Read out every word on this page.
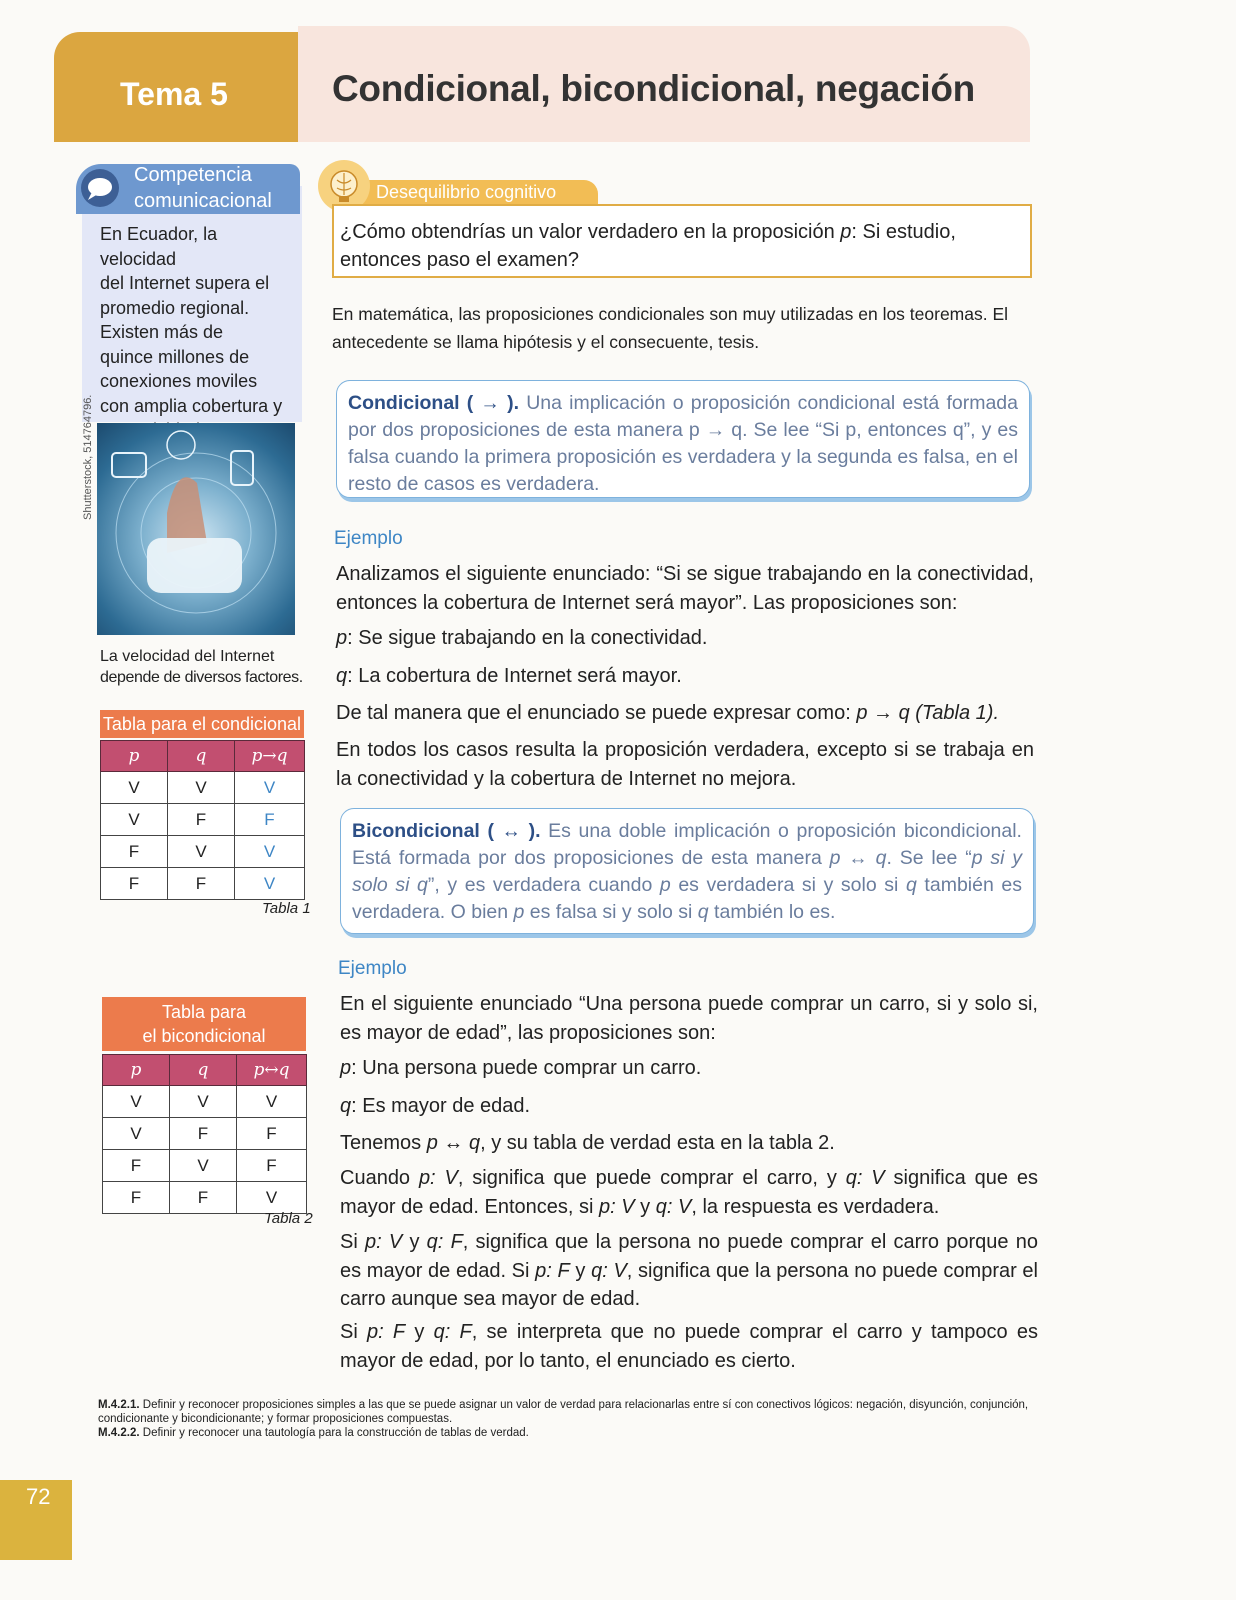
Tema 5	Condicional, bicondicional, negación
Competencia
comunicacional
En Ecuador, la velocidad
del Internet supera el
promedio regional.
Existen más de
quince millones de
conexiones moviles
con amplia cobertura y
Shutterstock, 514764796.
La velocidad del Internet
depende de diversos factores.
Tabla para el condicional
p	q	p→q
V	V	V
V	F	F
F	V	V
F	F	V
Tabla 1
Tabla para
el bicondicional
p	q	p↔q
V	V	V
V	F	F
F	V	F
F	F	V
Tabla 2
Desequilibrio cognitivo
¿Cómo obtendrías un valor verdadero en la proposición p: Si estudio, entonces paso el examen?
En matemática, las proposiciones condicionales son muy utilizadas en los teoremas. El antecedente se llama hipótesis y el consecuente, tesis.
Condicional ( → ). Una implicación o proposición condicional está formada por dos proposiciones de esta manera p → q. Se lee “Si p, entonces q”, y es falsa cuando la primera proposición es verdadera y la segunda es falsa, en el resto de casos es verdadera.
Ejemplo
Analizamos el siguiente enunciado: “Si se sigue trabajando en la conectividad, entonces la cobertura de Internet será mayor”. Las proposiciones son:
p: Se sigue trabajando en la conectividad.
q: La cobertura de Internet será mayor.
De tal manera que el enunciado se puede expresar como: p → q (Tabla 1).
En todos los casos resulta la proposición verdadera, excepto si se trabaja en la conectividad y la cobertura de Internet no mejora.
Bicondicional ( ↔ ). Es una doble implicación o proposición bicondicional. Está formada por dos proposiciones de esta manera p ↔ q. Se lee “p si y solo si q”, y es verdadera cuando p es verdadera si y solo si q también es verdadera. O bien p es falsa si y solo si q también lo es.
Ejemplo
En el siguiente enunciado “Una persona puede comprar un carro, si y solo si, es mayor de edad”, las proposiciones son:
p: Una persona puede comprar un carro.
q: Es mayor de edad.
Tenemos p ↔ q, y su tabla de verdad esta en la tabla 2.
Cuando p: V, significa que puede comprar el carro, y q: V significa que es mayor de edad. Entonces, si p: V y q: V, la respuesta es verdadera.
Si p: V y q: F, significa que la persona no puede comprar el carro porque no es mayor de edad. Si p: F y q: V, significa que la persona no puede comprar el carro aunque sea mayor de edad.
Si p: F y q: F, se interpreta que no puede comprar el carro y tampoco es mayor de edad, por lo tanto, el enunciado es cierto.
M.4.2.1. Definir y reconocer proposiciones simples a las que se puede asignar un valor de verdad para relacionarlas entre sí con conectivos lógicos: negación, disyunción, conjunción, condicionante y bicondicionante; y formar proposiciones compuestas.
M.4.2.2. Definir y reconocer una tautología para la construcción de tablas de verdad.
72
